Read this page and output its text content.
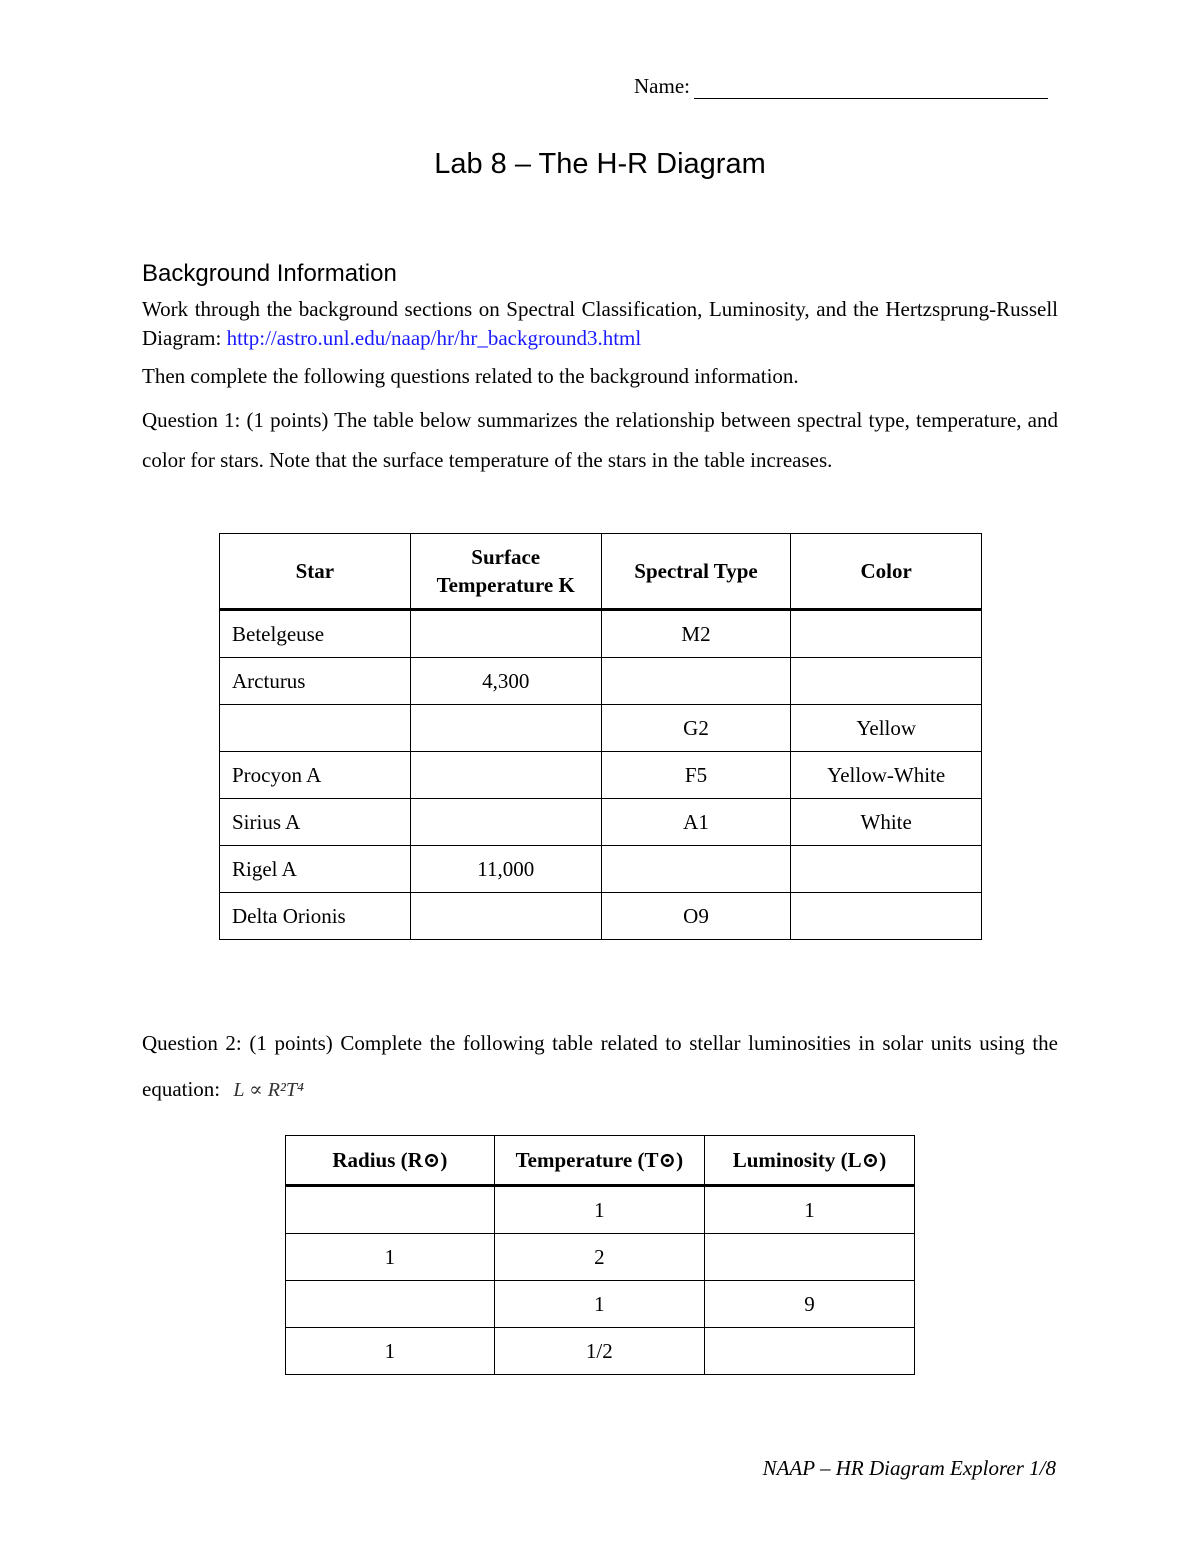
Name:
Lab 8 – The H-R Diagram
Background Information

Work through the background sections on Spectral Classification, Luminosity, and the Hertzsprung-Russell Diagram: http://astro.unl.edu/naap/hr/hr_background3.html

Then complete the following questions related to the background information.

Question 1: (1 points) The table below summarizes the relationship between spectral type, temperature, and color for stars. Note that the surface temperature of the stars in the table increases.

Star	Surface Temperature K	Spectral Type	Color
Betelgeuse		M2	
Arcturus	4,300		
		G2	Yellow
Procyon A		F5	Yellow-White
Sirius A		A1	White
Rigel A	11,000		
Delta Orionis		O9	

Question 2: (1 points) Complete the following table related to stellar luminosities in solar units using the equation: L ∝ R²T⁴

Radius (R⊙)	Temperature (T⊙)	Luminosity (L⊙)
	1	1
1	2	
	1	9
1	1/2	
NAAP – HR Diagram Explorer 1/8
